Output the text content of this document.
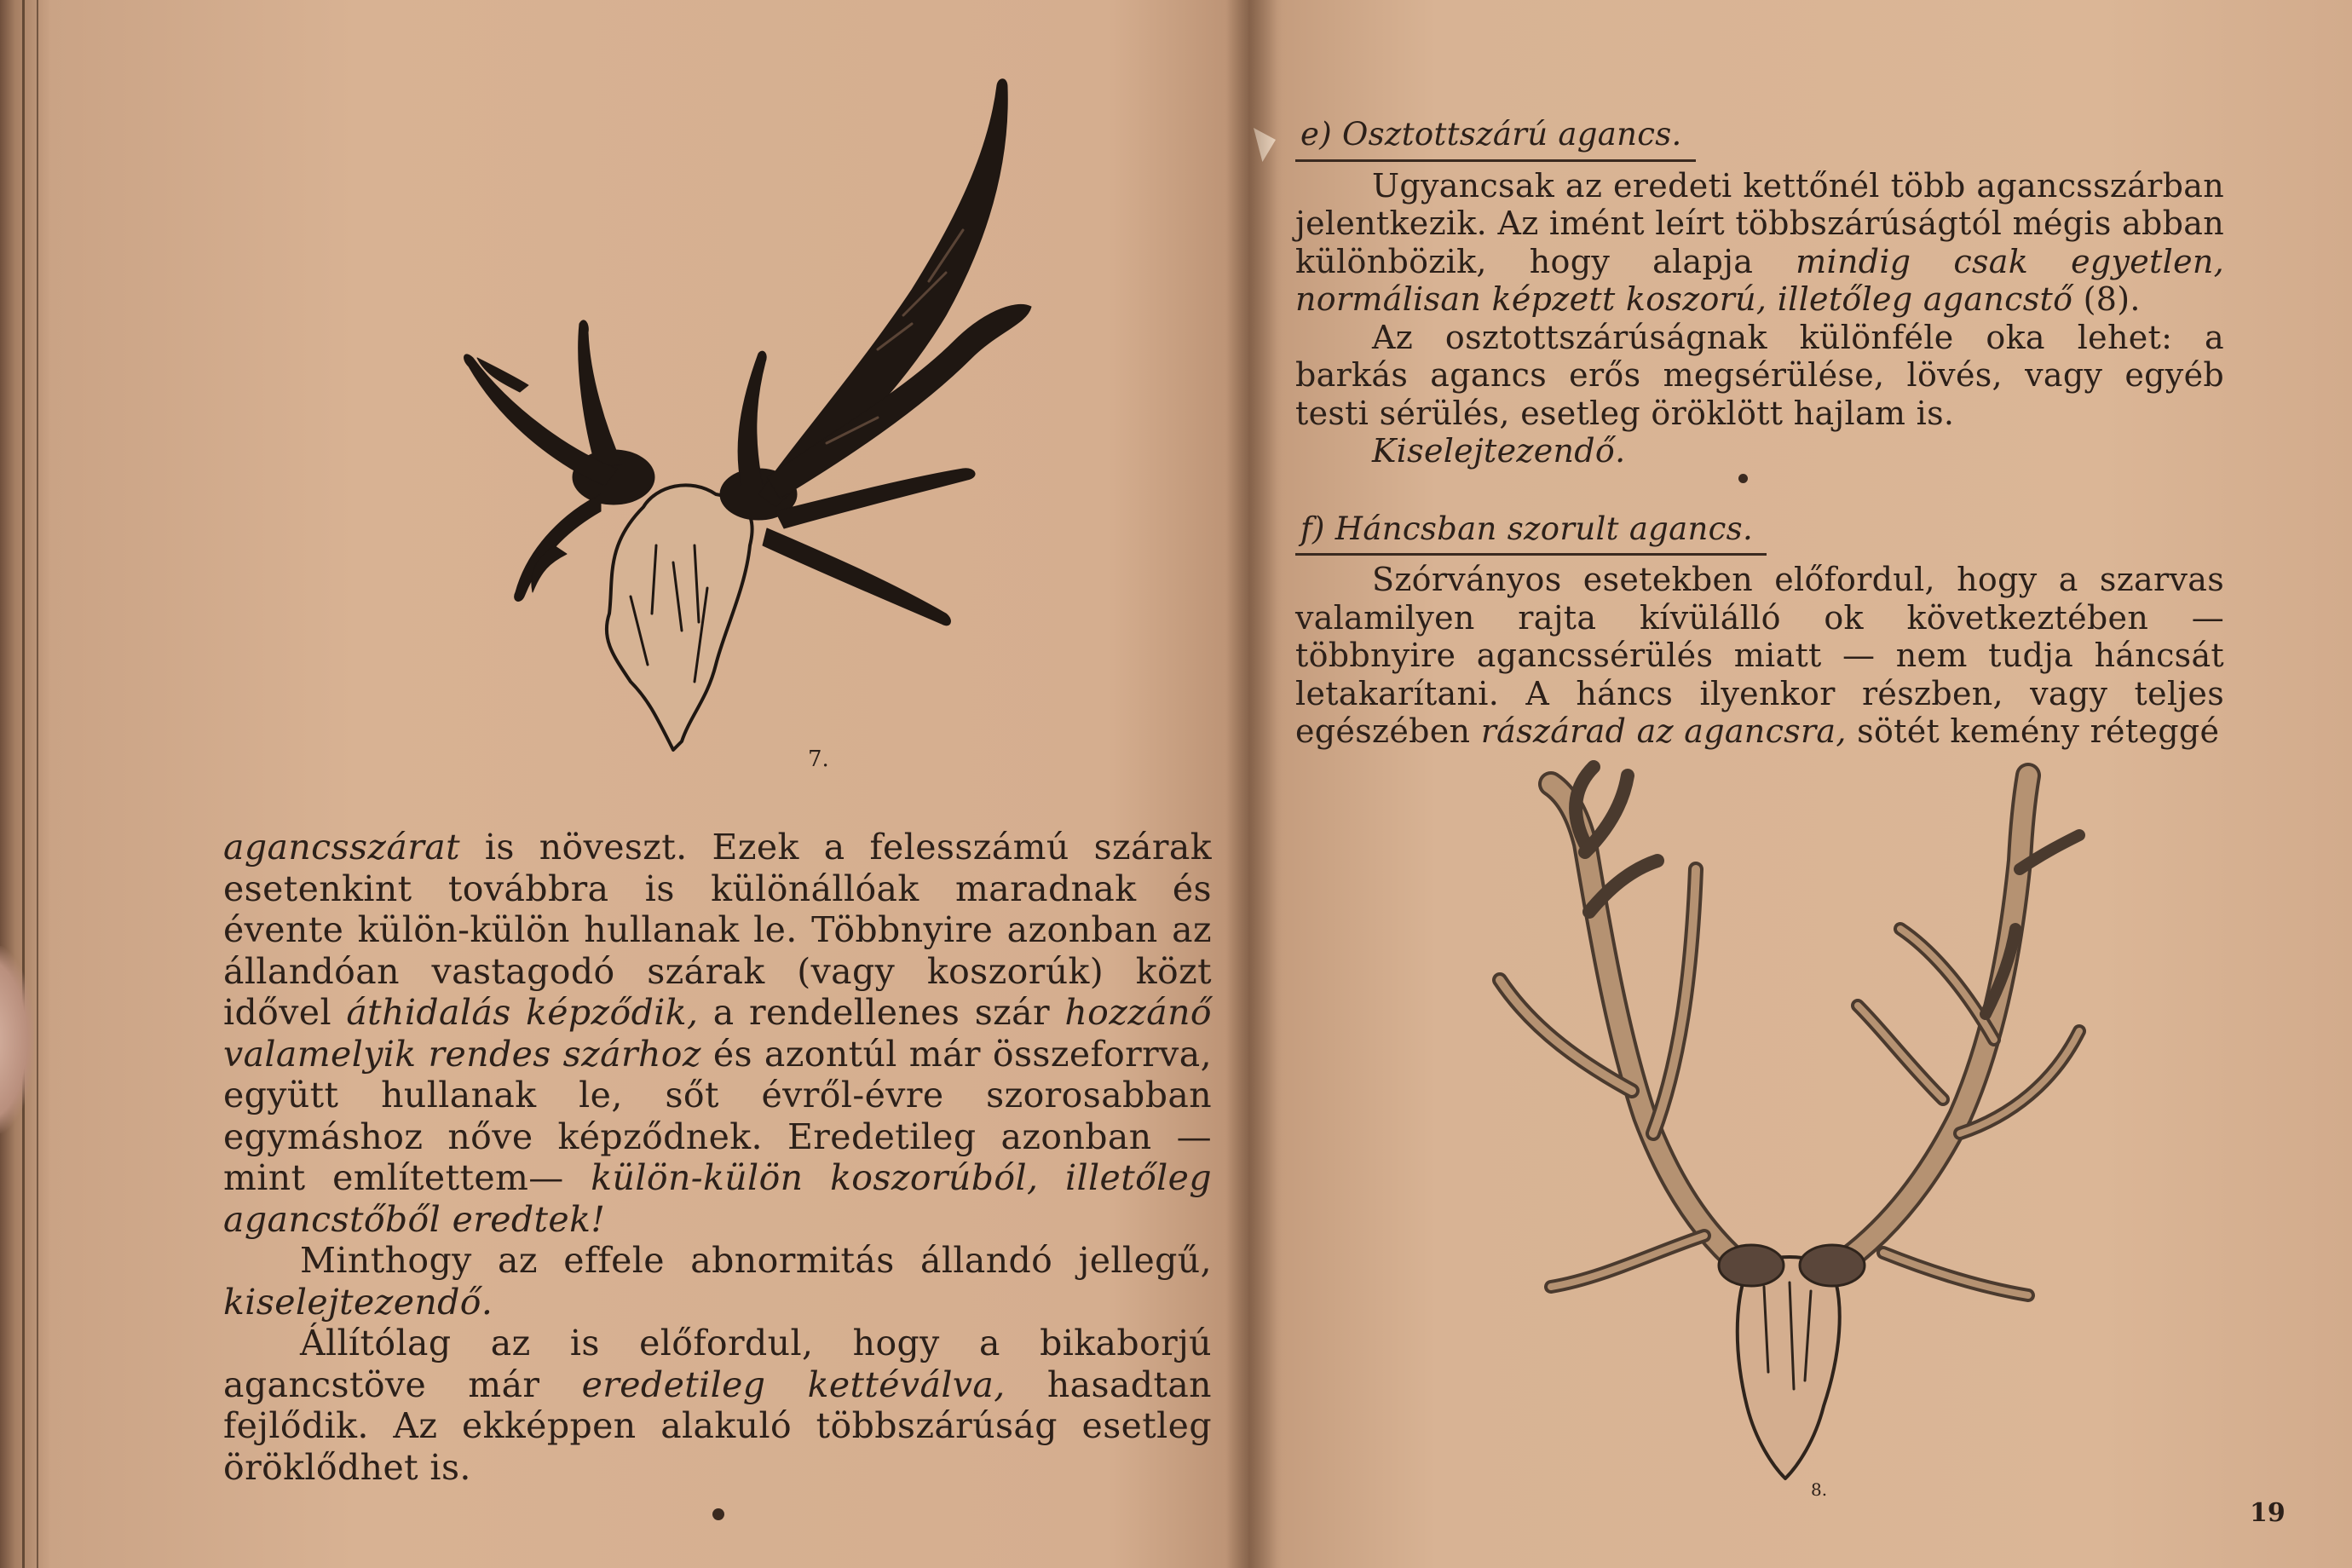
7.

agancsszárat is növeszt. Ezek a felesszámú szárak esetenkint továbbra is különállóak maradnak és évente külön-külön hullanak le. Többnyire azonban az állandóan vastagodó szárak (vagy koszorúk) közt idővel áthidalás képződik, a rendellenes szár hozzánő valamelyik rendes szárhoz és azontúl már összeforrva, együtt hullanak le, sőt évről-évre szorosabban egymáshoz nőve képződnek. Eredetileg azonban — mint említettem— külön-külön koszorúból, illetőleg agancstőből eredtek!

Minthogy az effele abnormitás állandó jellegű, kiselejtezendő.

Állítólag az is előfordul, hogy a bikaborjú agancstöve már eredetileg kettéválva, hasadtan fejlődik. Az ekképpen alakuló többszárúság esetleg öröklődhet is.

e) Osztottszárú agancs.

Ugyancsak az eredeti kettőnél több agancsszárban jelentkezik. Az imént leírt többszárúságtól mégis abban különbözik, hogy alapja mindig csak egyetlen, normálisan képzett koszorú, illetőleg agancstő (8).

Az osztottszárúságnak különféle oka lehet: a barkás agancs erős megsérülése, lövés, vagy egyéb testi sérülés, esetleg öröklött hajlam is.

Kiselejtezendő.

f) Háncsban szorult agancs.

Szórványos esetekben előfordul, hogy a szarvas valamilyen rajta kívülálló ok következtében — többnyire agancssérülés miatt — nem tudja háncsát letakarítani. A háncs ilyenkor részben, vagy teljes egészében rászárad az agancsra, sötét kemény réteggé

8.
19
